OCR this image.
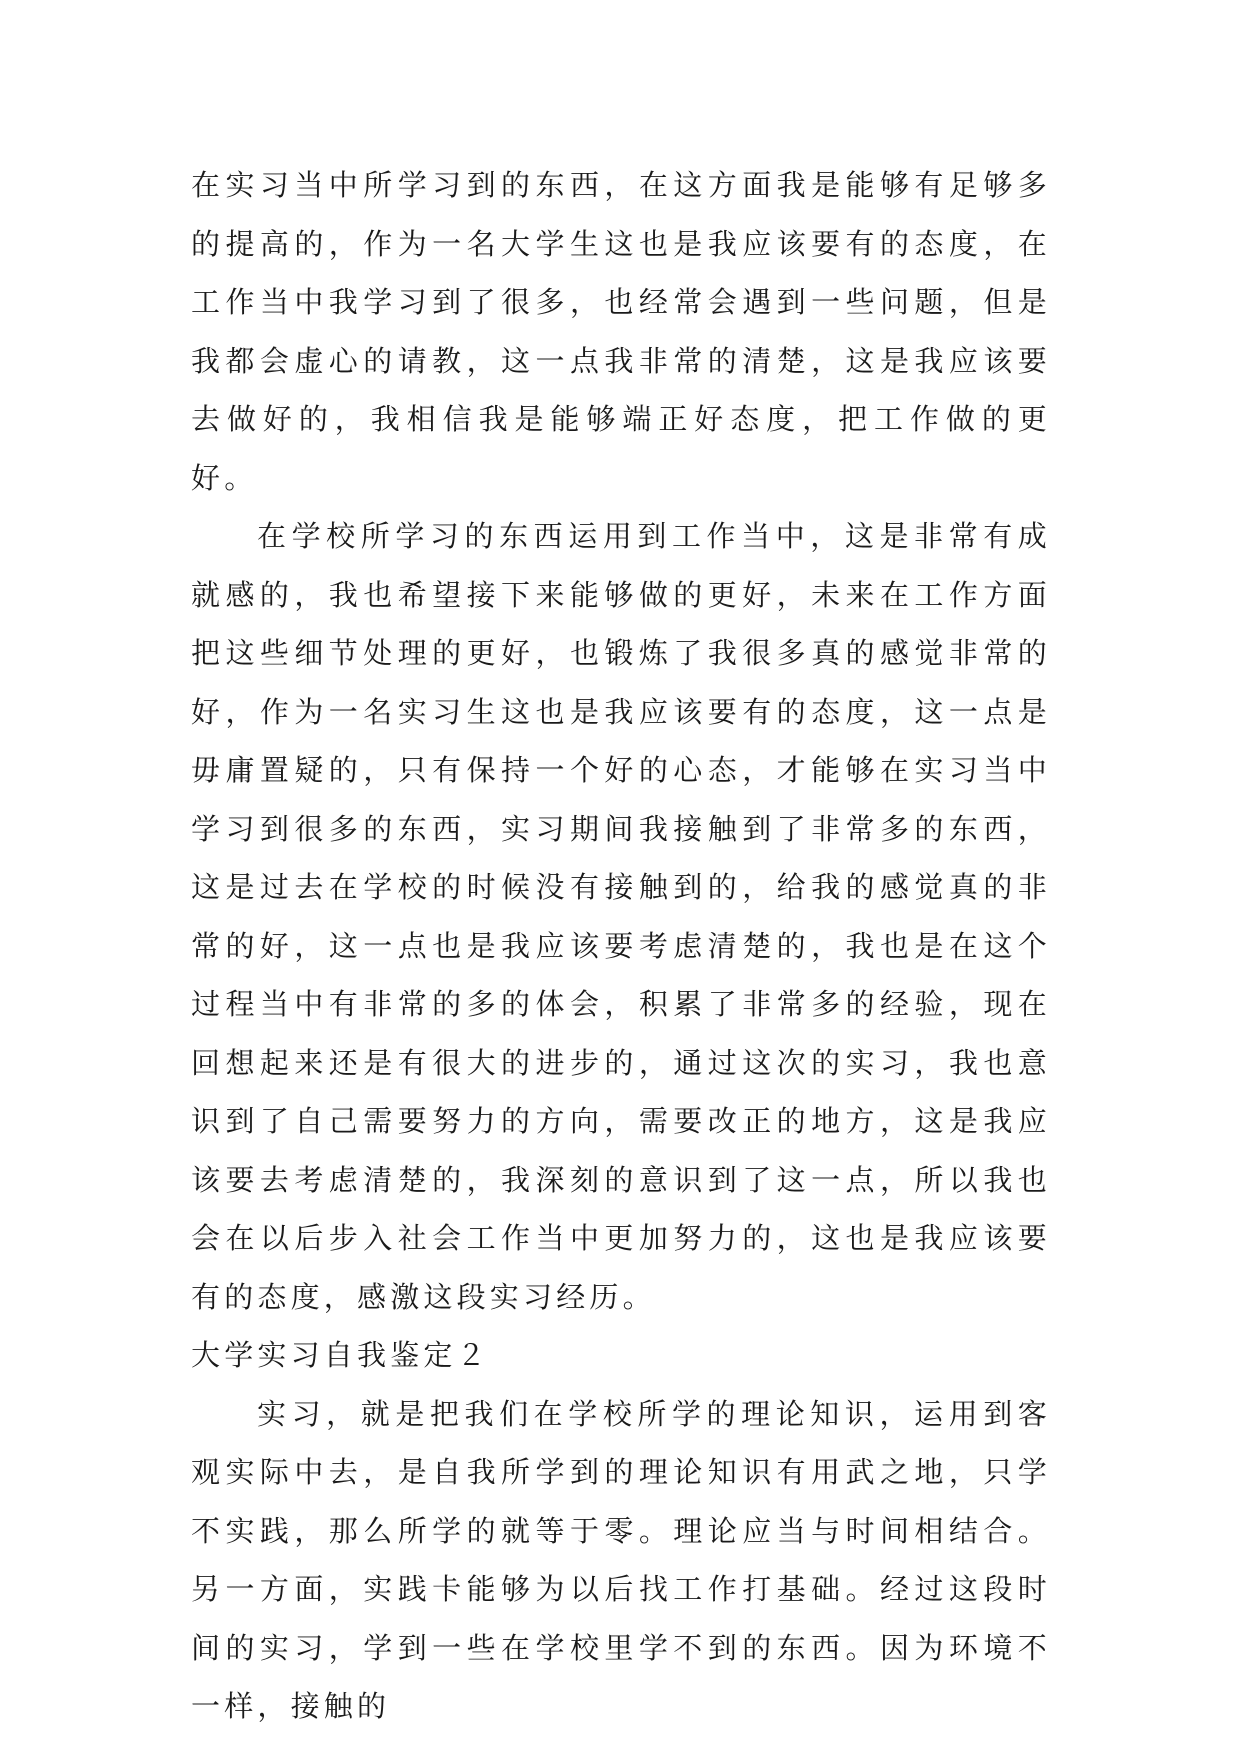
在实习当中所学习到的东西，在这方面我是能够有足够多的提高的，作为一名大学生这也是我应该要有的态度，在工作当中我学习到了很多，也经常会遇到一些问题，但是我都会虚心的请教，这一点我非常的清楚，这是我应该要去做好的，我相信我是能够端正好态度，把工作做的更好。

在学校所学习的东西运用到工作当中，这是非常有成就感的，我也希望接下来能够做的更好，未来在工作方面把这些细节处理的更好，也锻炼了我很多真的感觉非常的好，作为一名实习生这也是我应该要有的态度，这一点是毋庸置疑的，只有保持一个好的心态，才能够在实习当中学习到很多的东西，实习期间我接触到了非常多的东西，这是过去在学校的时候没有接触到的，给我的感觉真的非常的好，这一点也是我应该要考虑清楚的，我也是在这个过程当中有非常的多的体会，积累了非常多的经验，现在回想起来还是有很大的进步的，通过这次的实习，我也意识到了自己需要努力的方向，需要改正的地方，这是我应该要去考虑清楚的，我深刻的意识到了这一点，所以我也会在以后步入社会工作当中更加努力的，这也是我应该要有的态度，感激这段实习经历。

大学实习自我鉴定２

实习，就是把我们在学校所学的理论知识，运用到客观实际中去，是自我所学到的理论知识有用武之地，只学不实践，那么所学的就等于零。理论应当与时间相结合。另一方面，实践卡能够为以后找工作打基础。经过这段时间的实习，学到一些在学校里学不到的东西。因为环境不一样，接触的
